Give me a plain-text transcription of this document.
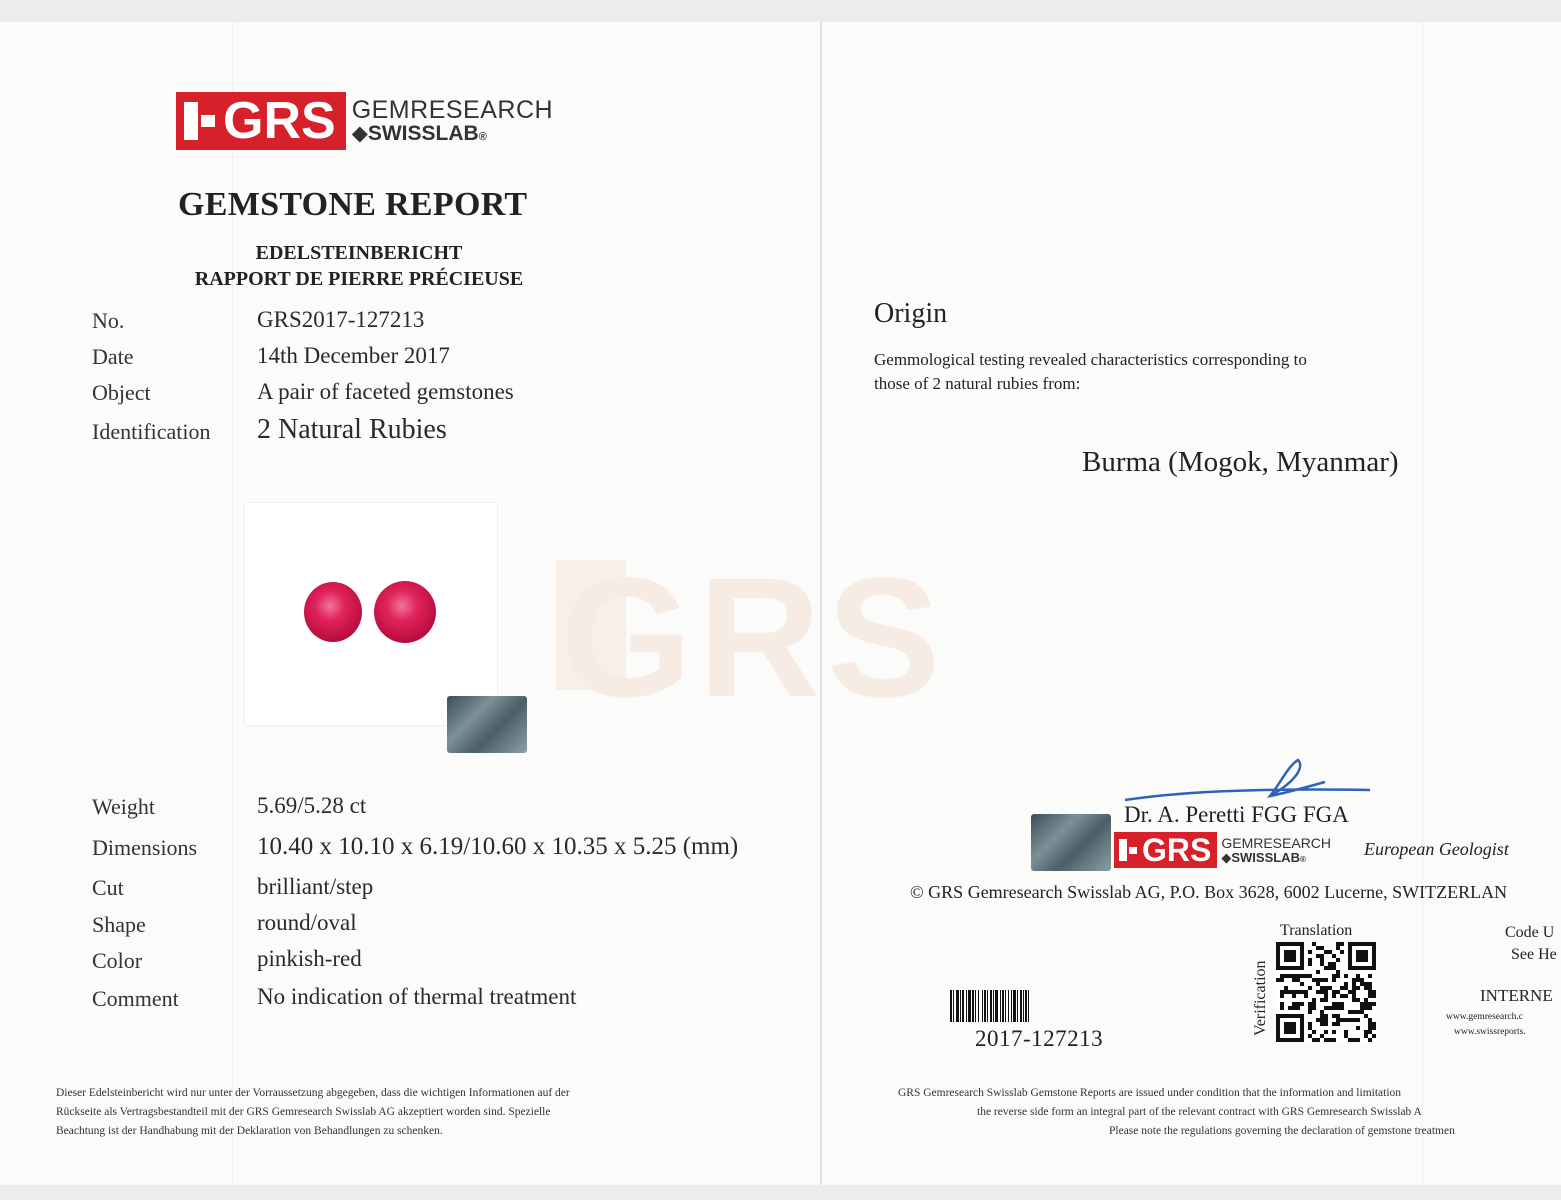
GRS
GRS GEMRESEARCH
◆SWISSLAB®
GEMSTONE REPORT
EDELSTEINBERICHT
RAPPORT DE PIERRE PRÉCIEUSE
No.	GRS2017-127213
Date	14th December 2017
Object	A pair of faceted gemstones
Identification 2 Natural Rubies
Weight	5.69/5.28 ct
Dimensions 10.40 x 10.10 x 6.19/10.60 x 10.35 x 5.25 (mm)
Cut	brilliant/step
Shape	round/oval
Color	pinkish-red
Comment	No indication of thermal treatment
Dieser Edelsteinbericht wird nur unter der Vorraussetzung abgegeben, dass die wichtigen Informationen auf der
Rückseite als Vertragsbestandteil mit der GRS Gemresearch Swisslab AG akzeptiert worden sind. Spezielle
Beachtung ist der Handhabung mit der Deklaration von Behandlungen zu schenken.
Origin
Gemmological testing revealed characteristics corresponding to
those of 2 natural rubies from:
Burma (Mogok, Myanmar)
Dr. A. Peretti FGG FGA
GRS GEMRESEARCH
◆SWISSLAB®
European Geologist
© GRS Gemresearch Swisslab AG, P.O. Box 3628, 6002 Lucerne, SWITZERLAN
2017-127213
Translation
Verification
Code U
See He
INTERNE
www.gemresearch.c
www.swissreports.
GRS Gemresearch Swisslab Gemstone Reports are issued under condition that the information and limitation
the reverse side form an integral part of the relevant contract with GRS Gemresearch Swisslab A
Please note the regulations governing the declaration of gemstone treatmen
